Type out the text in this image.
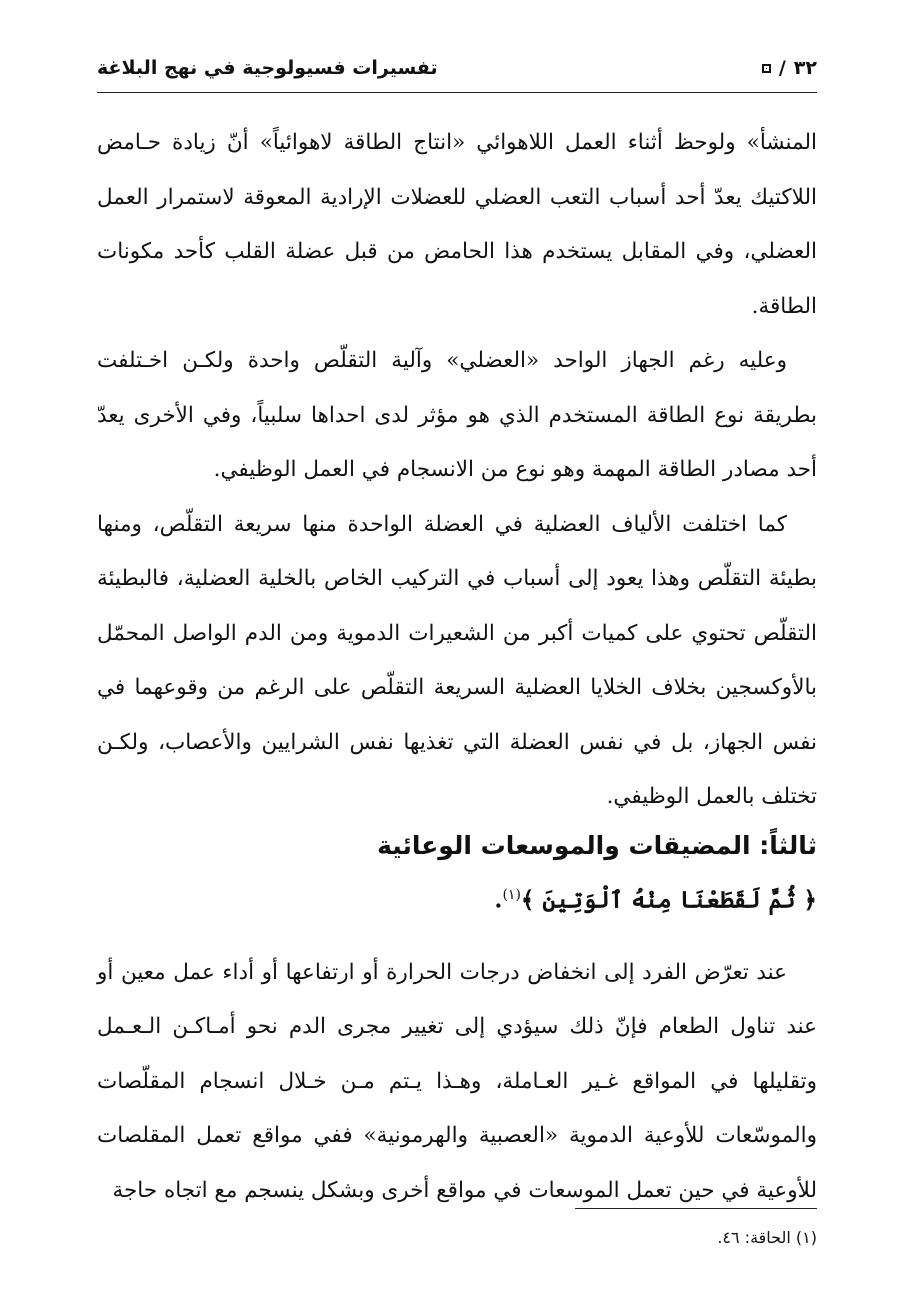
٣٢
/
تفسيرات فسيولوجية في نهج البلاغة

المنشأ» ولوحظ أثناء العمل اللاهوائي «انتاج الطاقة لاهوائياً» أنّ زيادة حـامض اللاكتيك يعدّ أحد أسباب التعب العضلي للعضلات الإرادية المعوقة لاستمرار العمل العضلي، وفي المقابل يستخدم هذا الحامض من قبل عضلة القلب كأحد مكونات الطاقة.

وعليه رغم الجهاز الواحد «العضلي» وآلية التقلّص واحدة ولكـن اخـتلفت بطريقة نوع الطاقة المستخدم الذي هو مؤثر لدى احداها سلبياً، وفي الأخرى يعدّ أحد مصادر الطاقة المهمة وهو نوع من الانسجام في العمل الوظيفي.

كما اختلفت الألياف العضلية في العضلة الواحدة منها سريعة التقلّص، ومنها بطيئة التقلّص وهذا يعود إلى أسباب في التركيب الخاص بالخلية العضلية، فالبطيئة التقلّص تحتوي على كميات أكبر من الشعيرات الدموية ومن الدم الواصل المحمّل بالأوكسجين بخلاف الخلايا العضلية السريعة التقلّص على الرغم من وقوعهما في نفس الجهاز، بل في نفس العضلة التي تغذيها نفس الشرايين والأعصاب، ولكـن تختلف بالعمل الوظيفي.

ثالثاً: المضيقات والموسعات الوعائية
﴿ ثُمَّ لَقَطَعْنَا مِنْهُ ٱلْوَتِينَ ﴾$^{(١)}$.

عند تعرّض الفرد إلى انخفاض درجات الحرارة أو ارتفاعها أو أداء عمل معين أو عند تناول الطعام فإنّ ذلك سيؤدي إلى تغيير مجرى الدم نحو أمـاكـن الـعـمل وتقليلها في المواقع غـير العـاملة، وهـذا يـتم مـن خـلال انسجام المقلّصات والموسّعات للأوعية الدموية «العصبية والهرمونية» ففي مواقع تعمل المقلصات للأوعية في حين تعمل الموسعات في مواقع أخرى وبشكل ينسجم مع اتجاه حاجة

(١) الحاقة: ٤٦.
